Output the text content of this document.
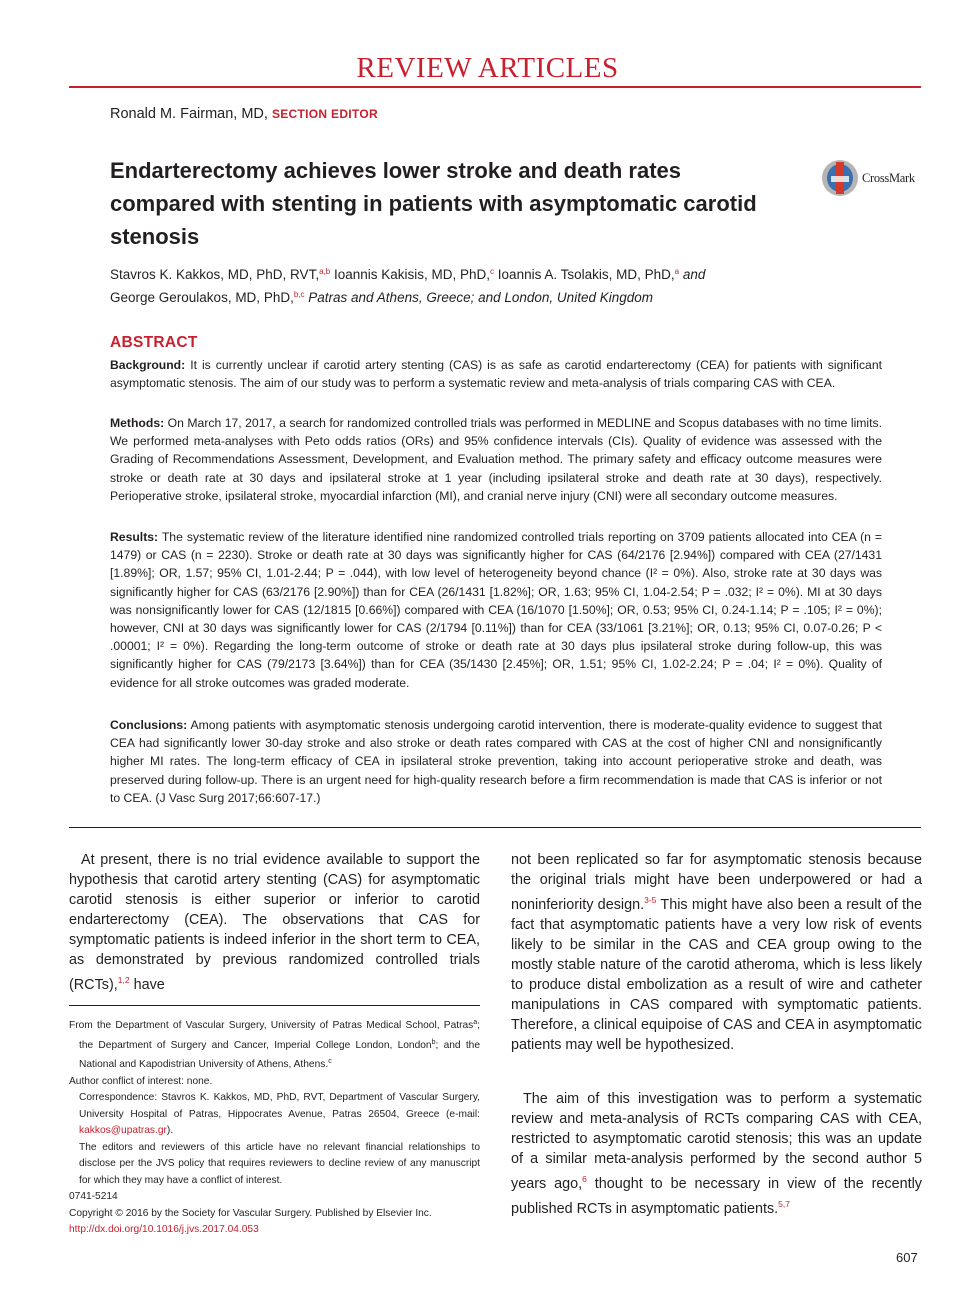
REVIEW ARTICLES
Ronald M. Fairman, MD, SECTION EDITOR
Endarterectomy achieves lower stroke and death rates compared with stenting in patients with asymptomatic carotid stenosis
CrossMark
Stavros K. Kakkos, MD, PhD, RVT,$^{a,b}$ Ioannis Kakisis, MD, PhD,$^c$ Ioannis A. Tsolakis, MD, PhD,$^a$ and
George Geroulakos, MD, PhD,$^{b,c}$ Patras and Athens, Greece; and London, United Kingdom
ABSTRACT
Background: It is currently unclear if carotid artery stenting (CAS) is as safe as carotid endarterectomy (CEA) for patients with significant asymptomatic stenosis. The aim of our study was to perform a systematic review and meta-analysis of trials comparing CAS with CEA.
Methods: On March 17, 2017, a search for randomized controlled trials was performed in MEDLINE and Scopus databases with no time limits. We performed meta-analyses with Peto odds ratios (ORs) and 95% confidence intervals (CIs). Quality of evidence was assessed with the Grading of Recommendations Assessment, Development, and Evaluation method. The primary safety and efficacy outcome measures were stroke or death rate at 30 days and ipsilateral stroke at 1 year (including ipsilateral stroke and death rate at 30 days), respectively. Perioperative stroke, ipsilateral stroke, myocardial infarction (MI), and cranial nerve injury (CNI) were all secondary outcome measures.
Results: The systematic review of the literature identified nine randomized controlled trials reporting on 3709 patients allocated into CEA (n = 1479) or CAS (n = 2230). Stroke or death rate at 30 days was significantly higher for CAS (64/2176 [2.94%]) compared with CEA (27/1431 [1.89%]; OR, 1.57; 95% CI, 1.01-2.44; P = .044), with low level of heterogeneity beyond chance (I² = 0%). Also, stroke rate at 30 days was significantly higher for CAS (63/2176 [2.90%]) than for CEA (26/1431 [1.82%]; OR, 1.63; 95% CI, 1.04-2.54; P = .032; I² = 0%). MI at 30 days was nonsignificantly lower for CAS (12/1815 [0.66%]) compared with CEA (16/1070 [1.50%]; OR, 0.53; 95% CI, 0.24-1.14; P = .105; I² = 0%); however, CNI at 30 days was significantly lower for CAS (2/1794 [0.11%]) than for CEA (33/1061 [3.21%]; OR, 0.13; 95% CI, 0.07-0.26; P < .00001; I² = 0%). Regarding the long-term outcome of stroke or death rate at 30 days plus ipsilateral stroke during follow-up, this was significantly higher for CAS (79/2173 [3.64%]) than for CEA (35/1430 [2.45%]; OR, 1.51; 95% CI, 1.02-2.24; P = .04; I² = 0%). Quality of evidence for all stroke outcomes was graded moderate.
Conclusions: Among patients with asymptomatic stenosis undergoing carotid intervention, there is moderate-quality evidence to suggest that CEA had significantly lower 30-day stroke and also stroke or death rates compared with CAS at the cost of higher CNI and nonsignificantly higher MI rates. The long-term efficacy of CEA in ipsilateral stroke prevention, taking into account perioperative stroke and death, was preserved during follow-up. There is an urgent need for high-quality research before a firm recommendation is made that CAS is inferior or not to CEA. (J Vasc Surg 2017;66:607-17.)
At present, there is no trial evidence available to support the hypothesis that carotid artery stenting (CAS) for asymptomatic carotid stenosis is either superior or inferior to carotid endarterectomy (CEA). The observations that CAS for symptomatic patients is indeed inferior in the short term to CEA, as demonstrated by previous randomized controlled trials (RCTs),$^{1,2}$ have
From the Department of Vascular Surgery, University of Patras Medical School, Patras$^a$; the Department of Surgery and Cancer, Imperial College London, London$^b$; and the National and Kapodistrian University of Athens, Athens.$^c$
Author conflict of interest: none.
Correspondence: Stavros K. Kakkos, MD, PhD, RVT, Department of Vascular Surgery, University Hospital of Patras, Hippocrates Avenue, Patras 26504, Greece (e-mail: kakkos@upatras.gr).
The editors and reviewers of this article have no relevant financial relationships to disclose per the JVS policy that requires reviewers to decline review of any manuscript for which they may have a conflict of interest.
0741-5214
Copyright © 2016 by the Society for Vascular Surgery. Published by Elsevier Inc.
http://dx.doi.org/10.1016/j.jvs.2017.04.053
not been replicated so far for asymptomatic stenosis because the original trials might have been underpowered or had a noninferiority design.$^{3-5}$ This might have also been a result of the fact that asymptomatic patients have a very low risk of events likely to be similar in the CAS and CEA group owing to the mostly stable nature of the carotid atheroma, which is less likely to produce distal embolization as a result of wire and catheter manipulations in CAS compared with symptomatic patients. Therefore, a clinical equipoise of CAS and CEA in asymptomatic patients may well be hypothesized.
The aim of this investigation was to perform a systematic review and meta-analysis of RCTs comparing CAS with CEA, restricted to asymptomatic carotid stenosis; this was an update of a similar meta-analysis performed by the second author 5 years ago,$^6$ thought to be necessary in view of the recently published RCTs in asymptomatic patients.$^{5,7}$
607
